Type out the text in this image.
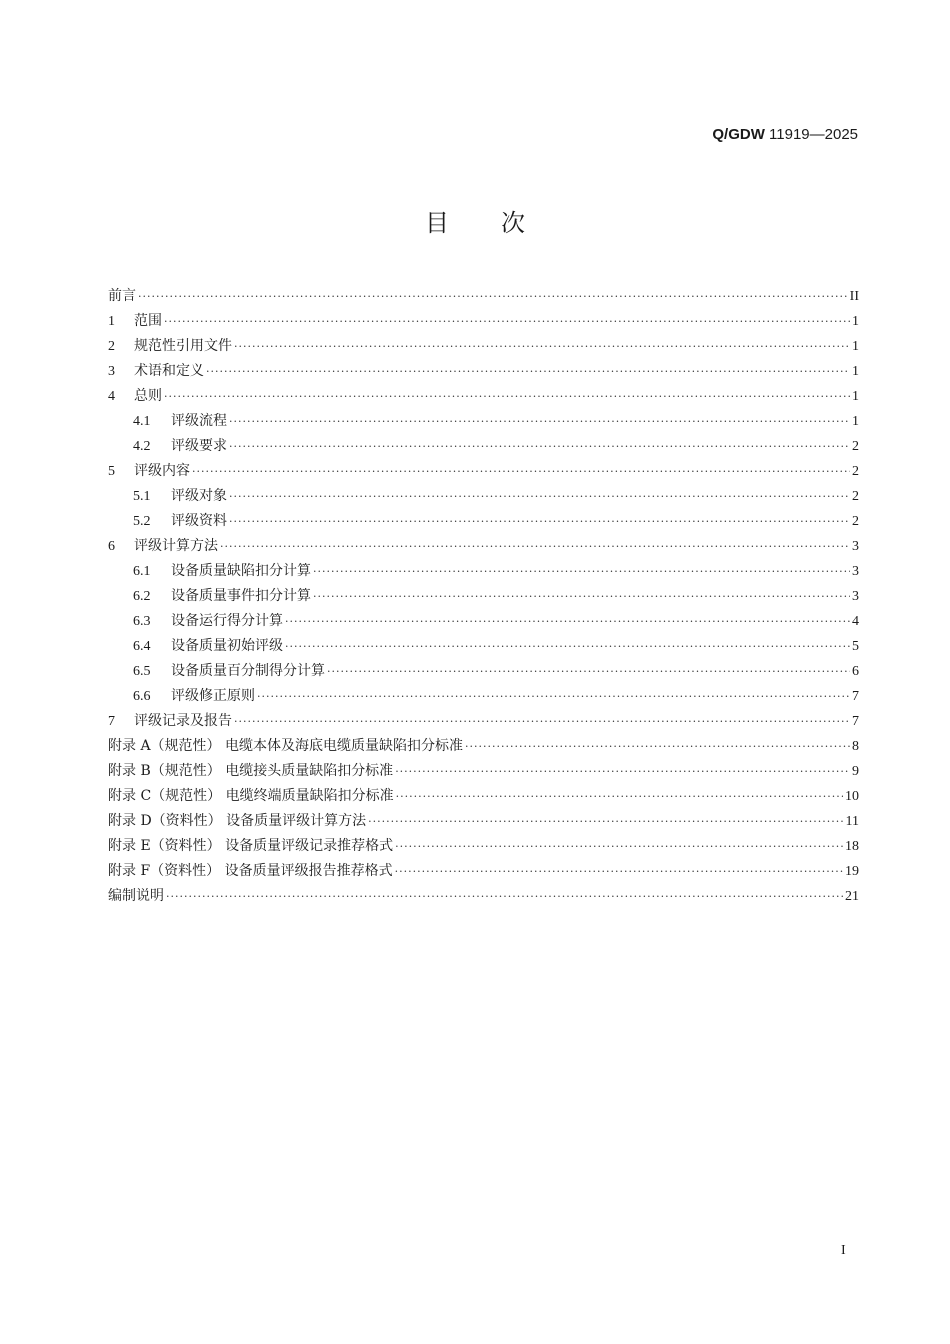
Q/GDW 11919—2025
目次
前言 ·····	II
1	范围 ·····	1
2	规范性引用文件 ·····	1
3	术语和定义 ·····	1
4	总则 ·····	1
4.1	评级流程 ·····	1
4.2	评级要求 ·····	2
5	评级内容 ·····	2
5.1	评级对象 ·····	2
5.2	评级资料 ·····	2
6	评级计算方法 ·····	3
6.1	设备质量缺陷扣分计算 ·····	3
6.2	设备质量事件扣分计算 ·····	3
6.3	设备运行得分计算 ·····	4
6.4	设备质量初始评级 ·····	5
6.5	设备质量百分制得分计算 ·····	6
6.6	评级修正原则 ·····	7
7	评级记录及报告 ·····	7
附录 A（规范性） 电缆本体及海底电缆质量缺陷扣分标准 ·····	8
附录 B（规范性） 电缆接头质量缺陷扣分标准 ·····	9
附录 C（规范性） 电缆终端质量缺陷扣分标准 ·····	10
附录 D（资料性） 设备质量评级计算方法 ·····	11
附录 E（资料性） 设备质量评级记录推荐格式 ·····	18
附录 F（资料性） 设备质量评级报告推荐格式 ·····	19
编制说明 ·····	21
I
